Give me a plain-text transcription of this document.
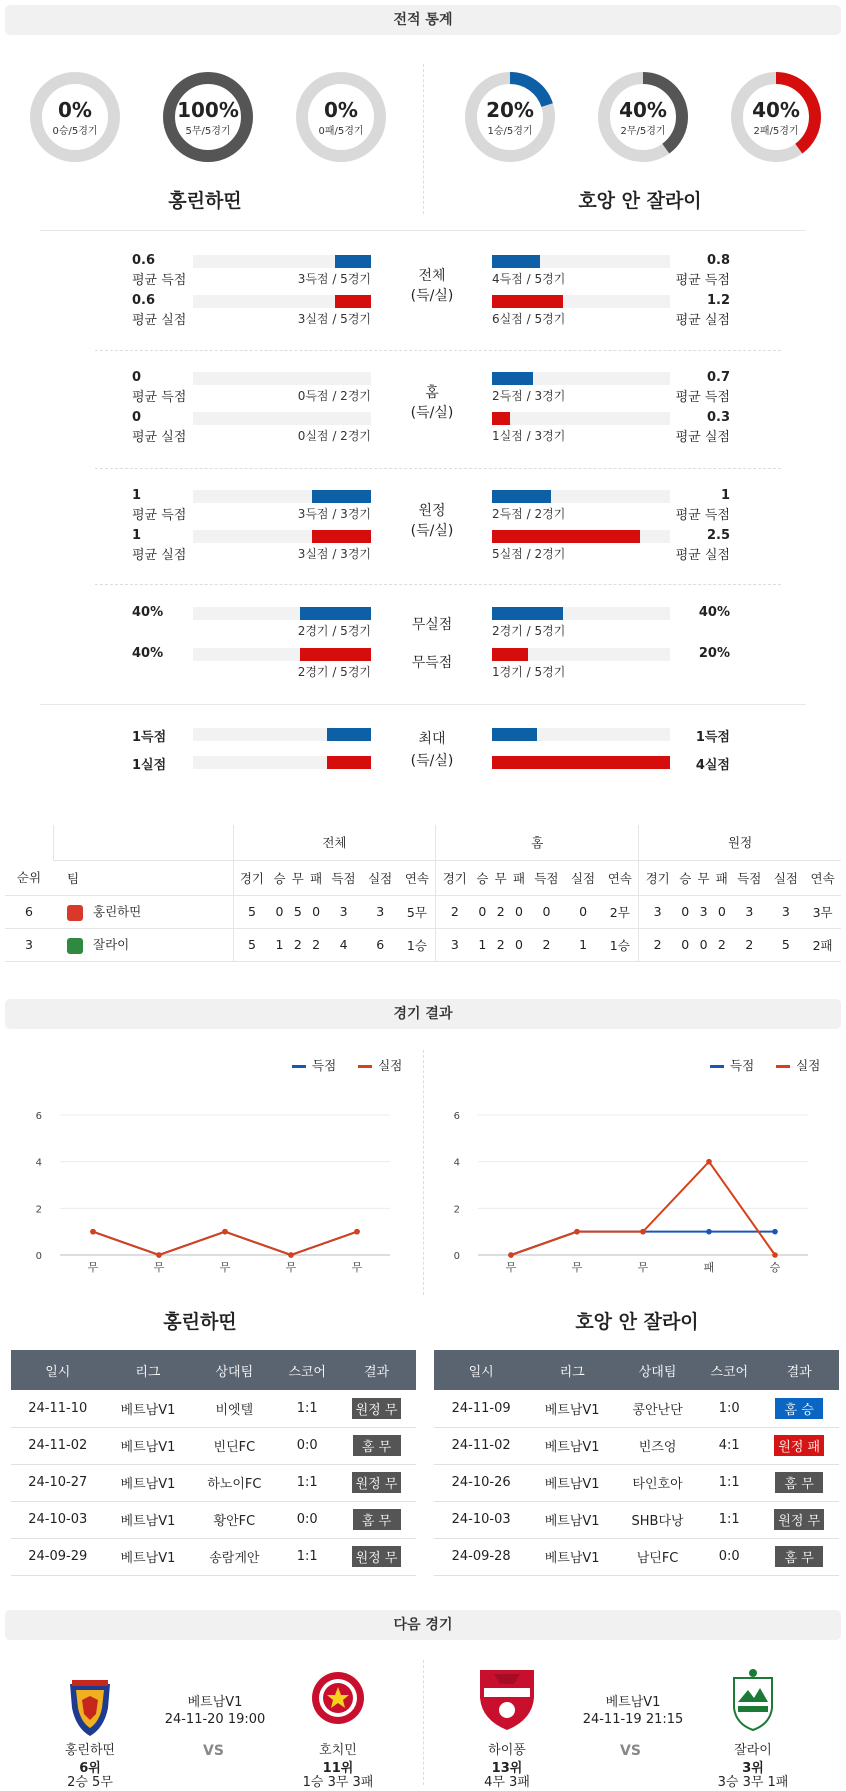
전적 통계
0%
0승/5경기
100%
5무/5경기
0%
0패/5경기
20%
1승/5경기
40%
2무/5경기
40%
2패/5경기
홍린하띤	호앙 안 잘라이
0.6
평균 득점	3득점 / 5경기
0.6
평균 실점	3실점 / 5경기
0.8
평균 득점
4득점 / 5경기
1.2
평균 실점
6실점 / 5경기
전체
(득/실)
0
평균 득점	0득점 / 2경기
0
평균 실점	0실점 / 2경기
0.7
평균 득점
2득점 / 3경기
0.3
평균 실점
1실점 / 3경기
홈
(득/실)
1
평균 득점	3득점 / 3경기
1
평균 실점	3실점 / 3경기
1
평균 득점
2득점 / 2경기
2.5
평균 실점
5실점 / 2경기
원정
(득/실)
40%
2경기 / 5경기
40%
2경기 / 5경기
40%
2경기 / 5경기
20%
1경기 / 5경기
무실점
무득점
1득점
1실점
1득점
4실점
최대
(득/실)
		전체							홈							원정						
순위	팀	경기	승	무	패	득점	실점	연속	경기	승	무	패	득점	실점	연속	경기	승	무	패	득점	실점	연속
6	홍린하띤	5	0	5	0	3	3	5무	2	0	2	0	0	0	2무	3	0	3	0	3	3	3무
3	잘라이	5	1	2	2	4	6	1승	3	1	2	0	2	1	1승	2	0	0	2	2	5	2패
경기 결과
득점	실점	득점	실점
0
2
4
6
무	무	무	무	무
0
2
4
6
무	무	무	패	승
홍린하띤	호앙 안 잘라이
일시	리그	상대팀	스코어	결과
24-11-10	베트남V1	비엣텔	1:1	원정 무
24-11-02	베트남V1	빈딘FC	0:0	홈 무
24-10-27	베트남V1	하노이FC	1:1	원정 무
24-10-03	베트남V1	황안FC	0:0	홈 무
24-09-29	베트남V1	송람게안	1:1	원정 무
일시	리그	상대팀	스코어	결과
24-11-09	베트남V1	콩안난단	1:0	홈 승
24-11-02	베트남V1	빈즈엉	4:1	원정 패
24-10-26	베트남V1	타인호아	1:1	홈 무
24-10-03	베트남V1	SHB다낭	1:1	원정 무
24-09-28	베트남V1	남딘FC	0:0	홈 무
다음 경기
홍린하띤
6위
2승 5무
베트남V1
24-11-20 19:00
VS	호치민
11위
1승 3무 3패
하이퐁
13위
4무 3패
베트남V1
24-11-19 21:15
VS	잘라이
3위
3승 3무 1패
